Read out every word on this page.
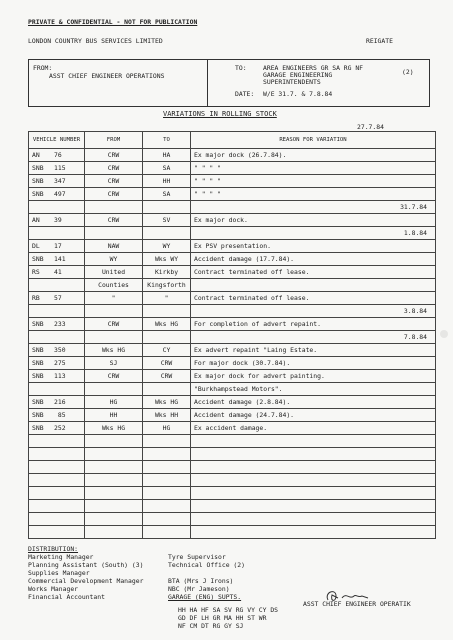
PRIVATE & CONFIDENTIAL - NOT FOR PUBLICATION
LONDON COUNTRY BUS SERVICES LIMITED	REIGATE
FROM:
ASST CHIEF ENGINEER OPERATIONS
TO:	AREA ENGINEERS GR SA RG NF
GARAGE ENGINEERING
SUPERINTENDENTS
DATE: W/E 31.7. & 7.8.84
(2)
VARIATIONS IN ROLLING STOCK
27.7.84
VEHICLE NUMBER	FROM	TO	REASON FOR VARIATION
AN 76	CRW	HA	Ex major dock (26.7.84).
SNB 115	CRW	SA	" " " "
SNB 347	CRW	HH	" " " "
SNB 497	CRW	SA	" " " "
			31.7.84
AN 39	CRW	SV	Ex major dock.
			1.8.84
DL 17	NAW	WY	Ex PSV presentation.
SNB 141	WY	Wks WY	Accident damage (17.7.84).
RS 41	United	Kirkby	Contract terminated off lease.
	Counties	Kingsforth	
RB 57	"	"	Contract terminated off lease.
			3.8.84
SNB 233	CRW	Wks HG	For completion of advert repaint.
			7.8.84
SNB 350	Wks HG	CY	Ex advert repaint "Laing Estate.
SNB 275	SJ	CRW	For major dock (30.7.84).
SNB 113	CRW	CRW	Ex major dock for advert painting.
			"Burkhampstead Motors".
SNB 216	HG	Wks HG	Accident damage (2.8.84).
SNB 85	HH	Wks HH	Accident damage (24.7.84).
SNB 252	Wks HG	HG	Ex accident damage.

DISTRIBUTION:
Marketing Manager
Planning Assistant (South) (3)
Supplies Manager
Commercial Development Manager
Works Manager
Financial Accountant
Tyre Supervisor
Technical Office (2)
BTA (Mrs J Irons)
NBC (Mr Jameson)
GARAGE (ENG) SUPTS.
HH HA HF SA SV RG VY CY DS
GD DF LH GR MA HH ST WR
NF CM DT RG GY SJ
ASST CHIEF ENGINEER OPERATIK
